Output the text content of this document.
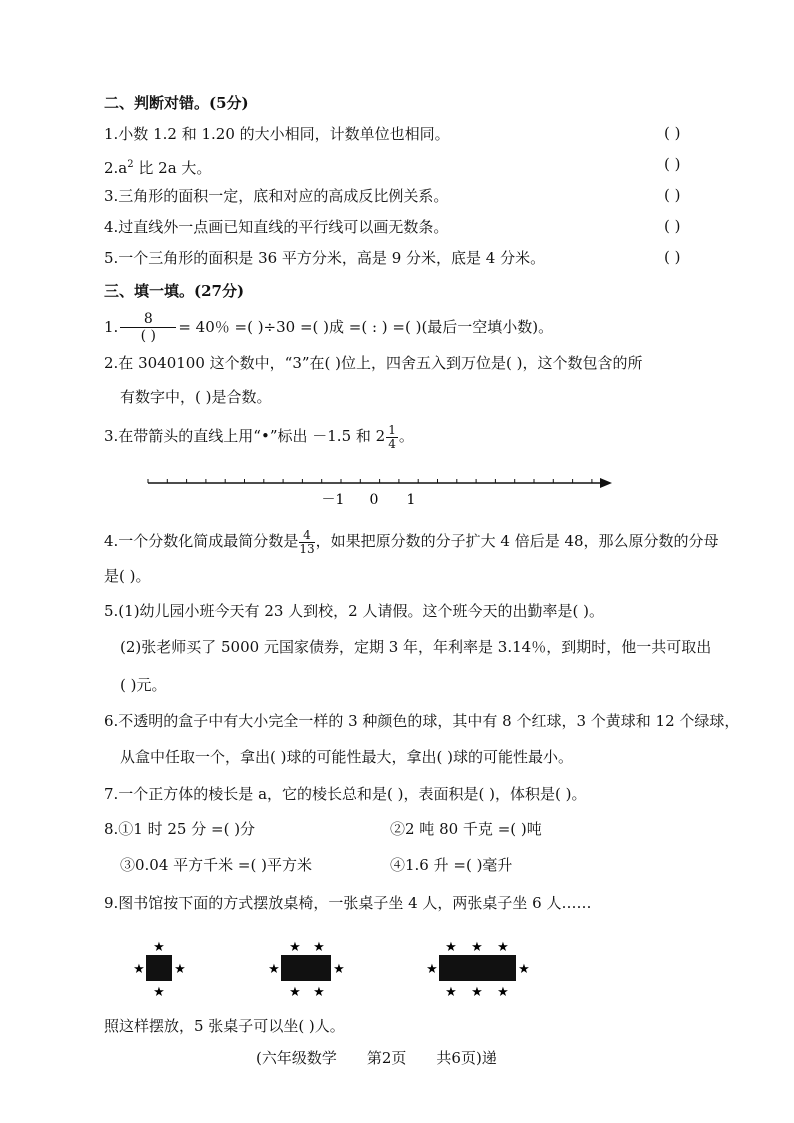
二、判断对错。(5分)
1.小数 1.2 和 1.20 的大小相同，计数单位也相同。	( )
$2.a^2$ 比 2a 大。	( )
3.三角形的面积一定，底和对应的高成反比例关系。	( )
4.过直线外一点画已知直线的平行线可以画无数条。	( )
5.一个三角形的面积是 36 平方分米，高是 9 分米，底是 4 分米。	( )
三、填一填。(27分)
1. $\frac{8}{( )} = 40$％ =( )÷30 =( )成 =( : ) =( )(最后一空填小数)。
2.在 3040100 这个数中，“3”在( )位上，四舍五入到万位是( )，这个数包含的所
有数字中，( )是合数。
3.在带箭头的直线上用“•”标出 －1.5 和 $2 \frac{1}{4}$ 。
－1 0 1
4.一个分数化简成最简分数是 $\frac{4}{13}$ ，如果把原分数的分子扩大 4 倍后是 48，那么原分数的分母
是( )。
5.(1)幼儿园小班今天有 23 人到校，2 人请假。这个班今天的出勤率是( )。
(2)张老师买了 5000 元国家债券，定期 3 年，年利率是 3.14％，到期时，他一共可取出
( )元。
6.不透明的盒子中有大小完全一样的 3 种颜色的球，其中有 8 个红球，3 个黄球和 12 个绿球，
从盒中任取一个，拿出( )球的可能性最大，拿出( )球的可能性最小。
7.一个正方体的棱长是 a，它的棱长总和是( )，表面积是( )，体积是( )。
8.①1 时 25 分 =( )分	②2 吨 80 千克 =( )吨
③0.04 平方千米 =( )平方米	④1.6 升 =( )毫升
9.图书馆按下面的方式摆放桌椅，一张桌子坐 4 人，两张桌子坐 6 人……
★
★
★ ★
★ ★
★ ★
★	★
★ ★ ★
★ ★ ★
★	★
照这样摆放，5 张桌子可以坐( )人。
(六年级数学　　第2页　　共6页)递
